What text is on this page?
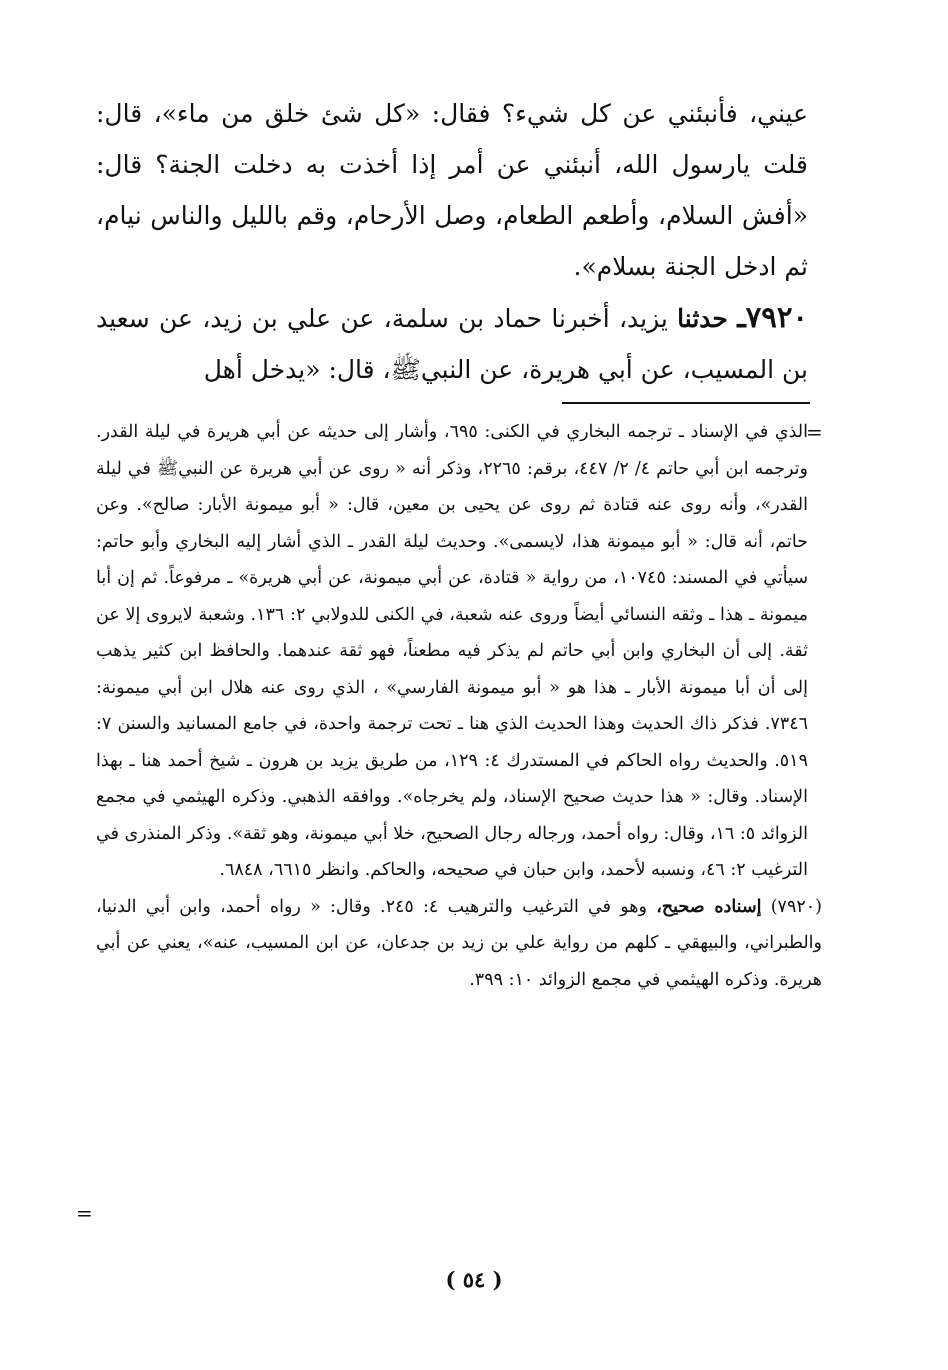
عيني، فأنبئني عن كل شيء؟ فقال: «كل شئ خلق من ماء»، قال: قلت يارسول الله، أنبئني عن أمر إذا أخذت به دخلت الجنة؟ قال: «أفش السلام، وأطعم الطعام، وصل الأرحام، وقم بالليل والناس نيام، ثم ادخل الجنة بسلام».

٧٩٢٠ـ حدثنا يزيد، أخبرنا حماد بن سلمة، عن علي بن زيد، عن سعيد بن المسيب، عن أبي هريرة، عن النبيﷺ، قال: «يدخل أهل

=

الذي في الإسناد ـ ترجمه البخاري في الكنى: ٦٩٥، وأشار إلى حديثه عن أبي هريرة في ليلة القدر. وترجمه ابن أبي حاتم ٤/ ٢/ ٤٤٧، برقم: ٢٢٦٥، وذكر أنه « روى عن أبي هريرة عن النبيﷺ في ليلة القدر»، وأنه روى عنه قتادة ثم روى عن يحيى بن معين، قال: « أبو ميمونة الأبار: صالح». وعن حاتم، أنه قال: « أبو ميمونة هذا، لايسمى». وحديث ليلة القدر ـ الذي أشار إليه البخاري وأبو حاتم: سيأتي في المسند: ١٠٧٤٥، من رواية « قتادة، عن أبي ميمونة، عن أبي هريرة» ـ مرفوعاً. ثم إن أبا ميمونة ـ هذا ـ وثقه النسائي أيضاً وروى عنه شعبة، في الكنى للدولابي ٢: ١٣٦. وشعبة لايروى إلا عن ثقة. إلى أن البخاري وابن أبي حاتم لم يذكر فيه مطعناً، فهو ثقة عندهما. والحافظ ابن كثير يذهب إلى أن أبا ميمونة الأبار ـ هذا هو « أبو ميمونة الفارسي» ، الذي روى عنه هلال ابن أبي ميمونة: ٧٣٤٦. فذكر ذاك الحديث وهذا الحديث الذي هنا ـ تحت ترجمة واحدة، في جامع المسانيد والسنن ٧: ٥١٩. والحديث رواه الحاكم في المستدرك ٤: ١٢٩، من طريق يزيد بن هرون ـ شيخ أحمد هنا ـ بهذا الإسناد. وقال: « هذا حديث صحيح الإسناد، ولم يخرجاه». ووافقه الذهبي. وذكره الهيثمي في مجمع الزوائد ٥: ١٦، وقال: رواه أحمد، ورجاله رجال الصحيح، خلا أبي ميمونة، وهو ثقة». وذكر المنذرى في الترغيب ٢: ٤٦، ونسبه لأحمد، وابن حبان في صحيحه، والحاكم. وانظر ٦٦١٥، ٦٨٤٨.

(٧٩٢٠) إسناده صحيح، وهو في الترغيب والترهيب ٤: ٢٤٥. وقال: « رواه أحمد، وابن أبي الدنيا، والطبراني، والبيهقي ـ كلهم من رواية علي بن زيد بن جدعان، عن ابن المسيب، عنه»، يعني عن أبي هريرة. وذكره الهيثمي في مجمع الزوائد ١٠: ٣٩٩.

=
( ٥٤ )
